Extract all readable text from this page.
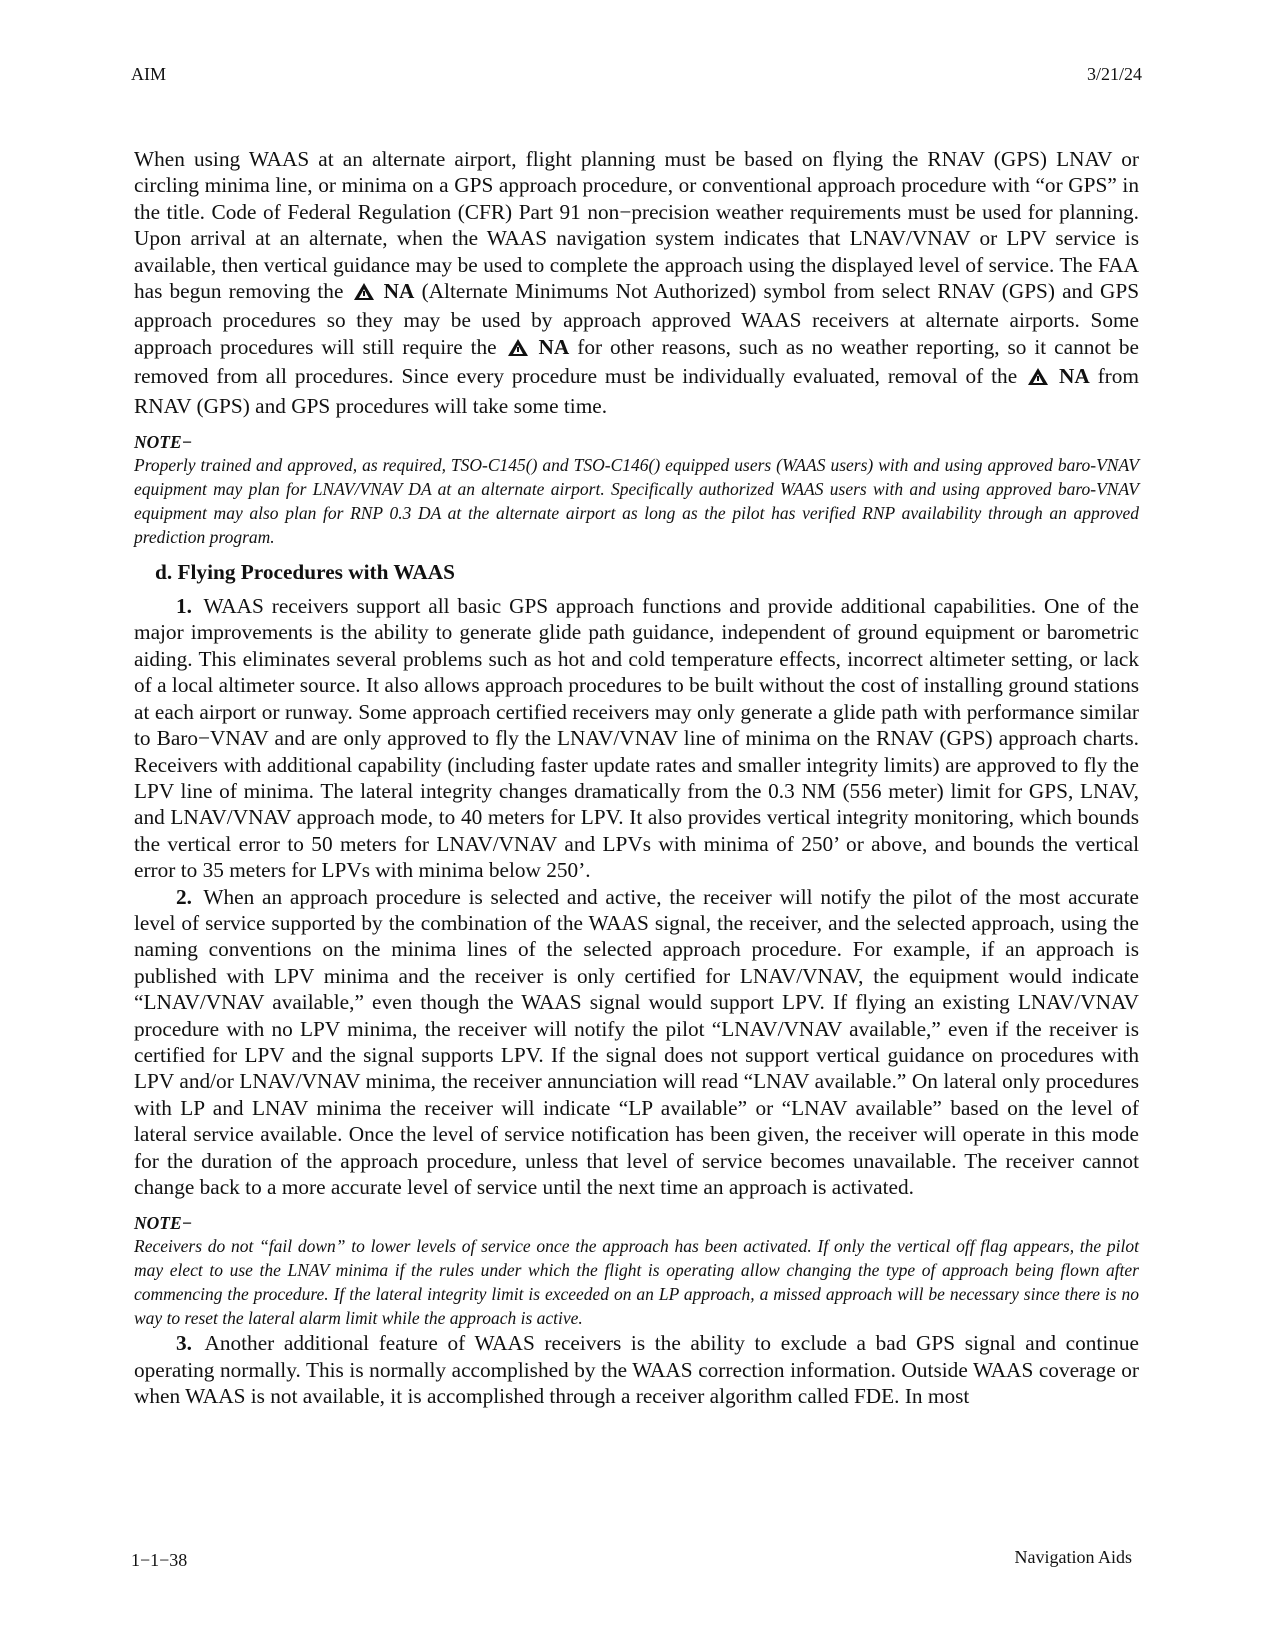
AIM	3/21/24

When using WAAS at an alternate airport, flight planning must be based on flying the RNAV (GPS) LNAV or circling minima line, or minima on a GPS approach procedure, or conventional approach procedure with “or GPS” in the title. Code of Federal Regulation (CFR) Part 91 non−precision weather requirements must be used for planning. Upon arrival at an alternate, when the WAAS navigation system indicates that LNAV/VNAV or LPV service is available, then vertical guidance may be used to complete the approach using the displayed level of service. The FAA has begun removing the NA (Alternate Minimums Not Authorized) symbol from select RNAV (GPS) and GPS approach procedures so they may be used by approach approved WAAS receivers at alternate airports. Some approach procedures will still require the NA for other reasons, such as no weather reporting, so it cannot be removed from all procedures. Since every procedure must be individually evaluated, removal of the NA from RNAV (GPS) and GPS procedures will take some time.

NOTE−

Properly trained and approved, as required, TSO-C145() and TSO-C146() equipped users (WAAS users) with and using approved baro-VNAV equipment may plan for LNAV/VNAV DA at an alternate airport. Specifically authorized WAAS users with and using approved baro-VNAV equipment may also plan for RNP 0.3 DA at the alternate airport as long as the pilot has verified RNP availability through an approved prediction program.

d. Flying Procedures with WAAS

1. WAAS receivers support all basic GPS approach functions and provide additional capabilities. One of the major improvements is the ability to generate glide path guidance, independent of ground equipment or barometric aiding. This eliminates several problems such as hot and cold temperature effects, incorrect altimeter setting, or lack of a local altimeter source. It also allows approach procedures to be built without the cost of installing ground stations at each airport or runway. Some approach certified receivers may only generate a glide path with performance similar to Baro−VNAV and are only approved to fly the LNAV/VNAV line of minima on the RNAV (GPS) approach charts. Receivers with additional capability (including faster update rates and smaller integrity limits) are approved to fly the LPV line of minima. The lateral integrity changes dramatically from the 0.3 NM (556 meter) limit for GPS, LNAV, and LNAV/VNAV approach mode, to 40 meters for LPV. It also provides vertical integrity monitoring, which bounds the vertical error to 50 meters for LNAV/VNAV and LPVs with minima of 250’ or above, and bounds the vertical error to 35 meters for LPVs with minima below 250’.

2. When an approach procedure is selected and active, the receiver will notify the pilot of the most accurate level of service supported by the combination of the WAAS signal, the receiver, and the selected approach, using the naming conventions on the minima lines of the selected approach procedure. For example, if an approach is published with LPV minima and the receiver is only certified for LNAV/VNAV, the equipment would indicate “LNAV/VNAV available,” even though the WAAS signal would support LPV. If flying an existing LNAV/VNAV procedure with no LPV minima, the receiver will notify the pilot “LNAV/VNAV available,” even if the receiver is certified for LPV and the signal supports LPV. If the signal does not support vertical guidance on procedures with LPV and/or LNAV/VNAV minima, the receiver annunciation will read “LNAV available.” On lateral only procedures with LP and LNAV minima the receiver will indicate “LP available” or “LNAV available” based on the level of lateral service available. Once the level of service notification has been given, the receiver will operate in this mode for the duration of the approach procedure, unless that level of service becomes unavailable. The receiver cannot change back to a more accurate level of service until the next time an approach is activated.

NOTE−

Receivers do not “fail down” to lower levels of service once the approach has been activated. If only the vertical off flag appears, the pilot may elect to use the LNAV minima if the rules under which the flight is operating allow changing the type of approach being flown after commencing the procedure. If the lateral integrity limit is exceeded on an LP approach, a missed approach will be necessary since there is no way to reset the lateral alarm limit while the approach is active.

3. Another additional feature of WAAS receivers is the ability to exclude a bad GPS signal and continue operating normally. This is normally accomplished by the WAAS correction information. Outside WAAS coverage or when WAAS is not available, it is accomplished through a receiver algorithm called FDE. In most

1−1−38	Navigation Aids
